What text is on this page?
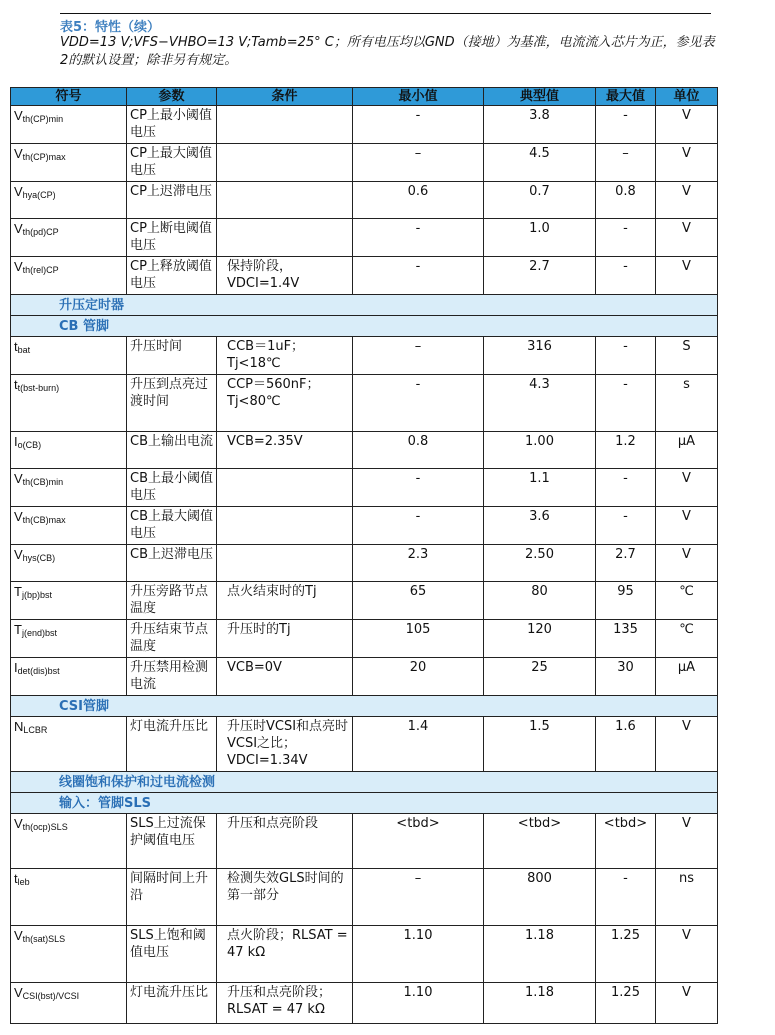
表5：特性（续）
VDD=13 V;VFS−VHBO=13 V;Tamb=25° C；所有电压均以GND（接地）为基准，电流流入芯片为正，参见表2的默认设置；除非另有规定。
符号	参数	条件	最小值	典型值	最大值	单位
$V_{th(CP)min}$	CP上最小阈值电压		-	3.8	-	V
$V_{th(CP)max}$	CP上最大阈值电压		–	4.5	–	V
$V_{hya(CP)}$	CP上迟滞电压		0.6	0.7	0.8	V
$V_{th(pd)CP}$	CP上断电阈值电压		-	1.0	-	V
$V_{th(rel)CP}$	CP上释放阈值电压	保持阶段，VDCI=1.4V	-	2.7	-	V
升压定时器						
CB 管脚						
$t_{bat}$	升压时间	CCB＝1uF；Tj<18℃	–	316	-	S
$t_{t(bst-burn)}$	升压到点亮过渡时间	CCP＝560nF；Tj<80℃	-	4.3	-	s
$I_{o(CB)}$	CB上输出电流	VCB=2.35V	0.8	1.00	1.2	μA
$V_{th(CB)min}$	CB上最小阈值电压		-	1.1	-	V
$V_{th(CB)max}$	CB上最大阈值电压		-	3.6	-	V
$V_{hys(CB)}$	CB上迟滞电压		2.3	2.50	2.7	V
$T_{j(bp)bst}$	升压旁路节点温度	点火结束时的Tj	65	80	95	℃
$T_{j(end)bst}$	升压结束节点温度	升压时的Tj	105	120	135	℃
$I_{det(dis)bst}$	升压禁用检测电流	VCB=0V	20	25	30	μA
CSI管脚						
$N_{LCBR}$	灯电流升压比	升压时VCSI和点亮时VCSI之比；VDCI=1.34V	1.4	1.5	1.6	V
线圈饱和保护和过电流检测						
输入：管脚SLS						
$V_{th(ocp)SLS}$	SLS上过流保护阈值电压	升压和点亮阶段	<tbd>	<tbd>	<tbd>	V
$t_{leb}$	间隔时间上升沿	检测失效GLS时间的第一部分	–	800	-	ns
$V_{th(sat)SLS}$	SLS上饱和阈值电压	点火阶段；RLSAT = 47 kΩ	1.10	1.18	1.25	V
$V_{CSI(bst)/VCSI}$	灯电流升压比	升压和点亮阶段；RLSAT = 47 kΩ	1.10	1.18	1.25	V
